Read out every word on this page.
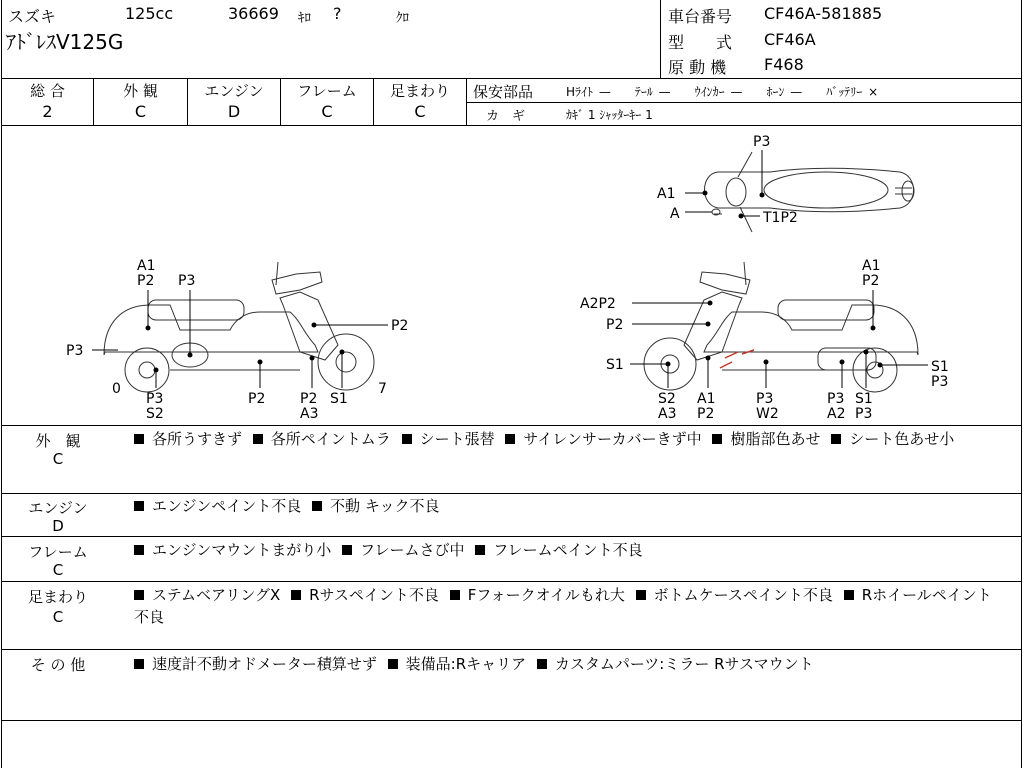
スズキ	125cc	36669 ｷﾛ ?	ｸﾛ
ｱﾄﾞﾚｽV125G
車台番号 CF46A-581885
型　　式 CF46A
原 動 機 F468
総 合	外 観	エンジン	フレーム	足まわり
2	C	D	C	C
保安部品	Hﾗｲﾄ —　　ﾃｰﾙ —　　ｳｲﾝｶｰ —　　ﾎｰﾝ —　　ﾊﾞｯﾃﾘｰ ×
カ　ギ	ｶｷﾞ 1 ｼｬｯﾀｰｷｰ 1
P3
A1
A	T1P2
A1
P2 P3
P3
0
P3
S2
P2 P2
A3
S1
7
P2
A1
P2
A2P2
P2
S1
S2
A3
A1
P2
P3
W2
P3
A2
S1
P3
S1
P3
外　観
C
各所うすきず 各所ペイントムラ シート張替 サイレンサーカバーきず中 樹脂部色あせ シート色あせ小
エンジン
D
エンジンペイント不良 不動 キック不良
フレーム
C
エンジンマウントまがり小 フレームさび中 フレームペイント不良
足まわり
C
ステムベアリングX Rサスペイント不良 Fフォークオイルもれ大 ボトムケースペイント不良 Rホイールペイント不良
そ の 他	速度計不動オドメーター積算せず 装備品:Rキャリア カスタムパーツ:ミラー Rサスマウント
